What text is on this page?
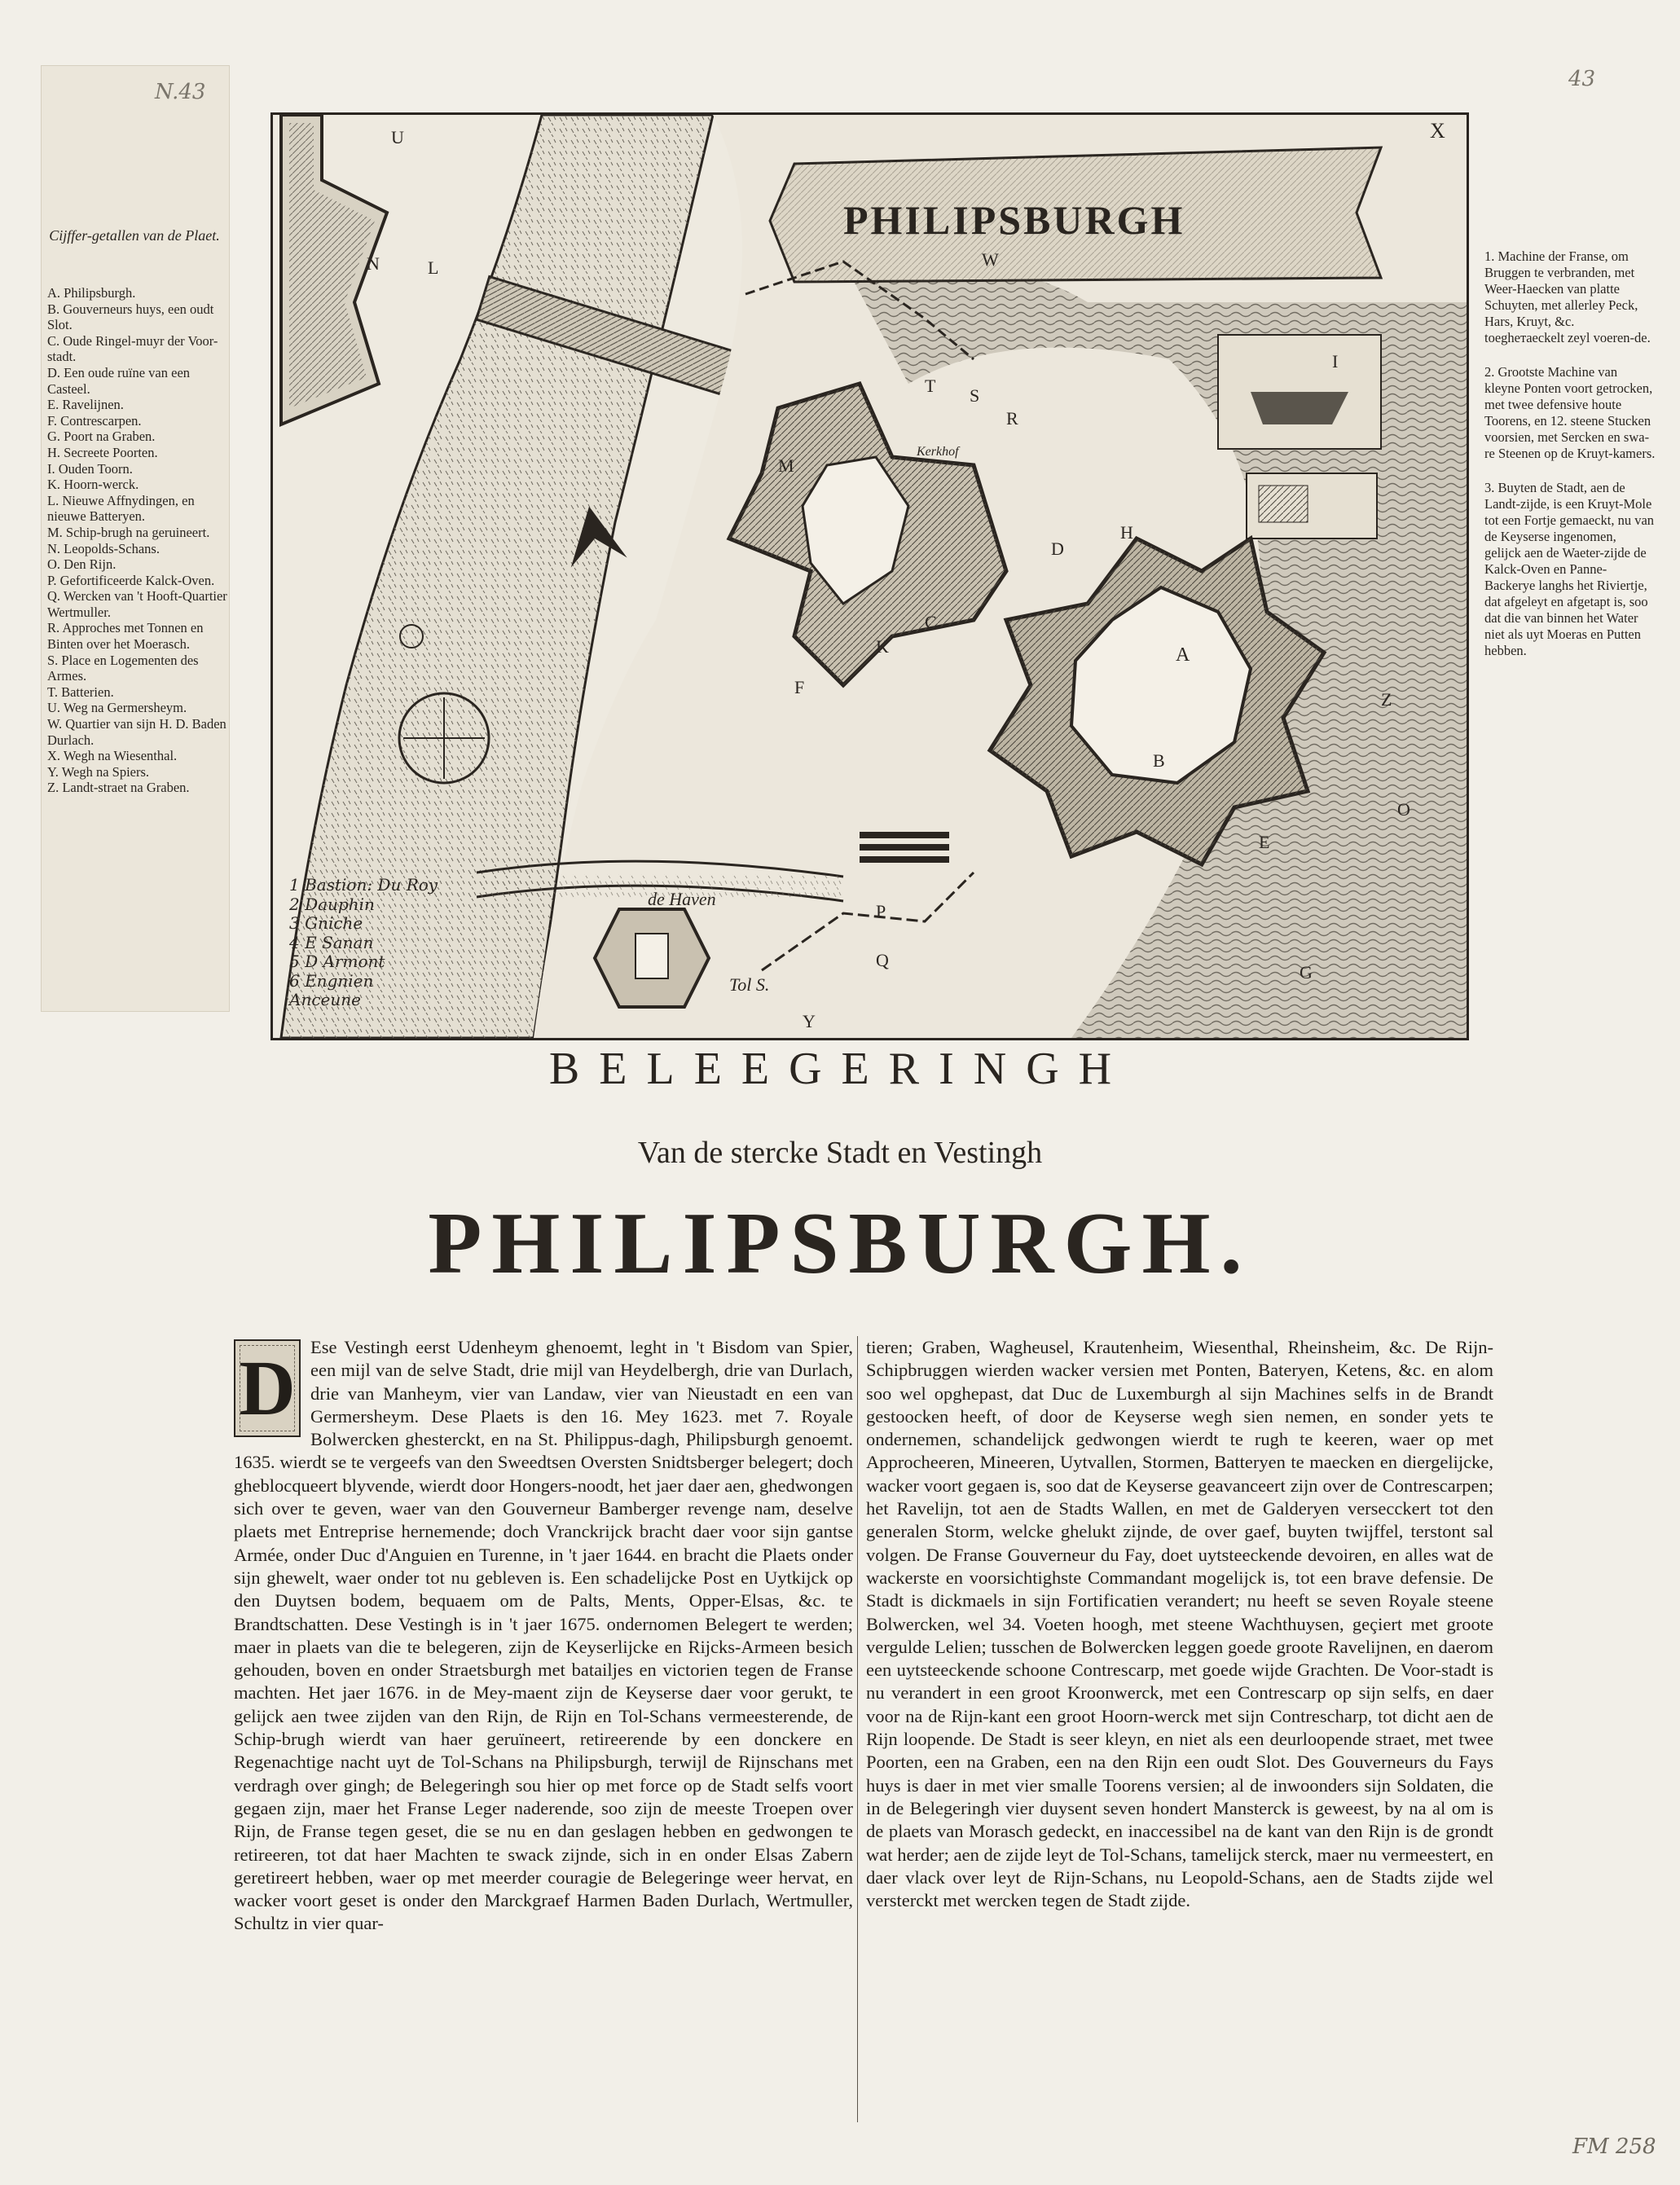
N.43
43
Cijffer-getallen van de Plaet.
A. Philipsburgh.
B. Gouverneurs huys, een oudt Slot.
C. Oude Ringel-muyr der Voor-stadt.
D. Een oude ruïne van een Casteel.
E. Ravelijnen.
F. Contrescarpen.
G. Poort na Graben.
H. Secreete Poorten.
I. Ouden Toorn.
K. Hoorn-werck.
L. Nieuwe Affnydingen, en nieuwe Batteryen.
M. Schip-brugh na geruineert.
N. Leopolds-Schans.
O. Den Rijn.
P. Gefortificeerde Kalck-Oven.
Q. Wercken van 't Hooft-Quartier Wertmuller.
R. Approches met Tonnen en Binten over het Moerasch.
S. Place en Logementen des Armes.
T. Batterien.
U. Weg na Germersheym.
W. Quartier van sijn H. D. Baden Durlach.
X. Wegh na Wiesenthal.
Y. Wegh na Spiers.
Z. Landt-straet na Graben.

1. Machine der Franse, om Bruggen te verbranden, met Weer-Haecken van platte Schuyten, met allerley Peck, Hars, Kruyt, &c. toegheтaeckelt zeyl voeren-de.

2. Grootste Machine van kleyne Ponten voort getrocken, met twee defensive houte Toorens, en 12. steene Stucken voorsien, met Sercken en swa-re Steenen op de Kruyt-kamers.

3. Buyten de Stadt, aen de Landt-zijde, is een Kruyt-Mole tot een Fortje gemaeckt, nu van de Keyserse ingenomen, gelijck aen de Waeter-zijde de Kalck-Oven en Panne-Backerye langhs het Riviertje, dat afgeleyt en afgetapt is, soo dat die van binnen het Water niet als uyt Moeras en Putten hebben.

PHILIPSBURGH
de Haven
Tol S.
Kerkhof
U
N	L
X
W
T S
M
K
C
E
F
A
B
P
Q
R
Y
Z
I
O
G
H
D
1 Bastion: Du Roy
2 Dauphin
3 Gniche
4 E Sanan
5 D Armont
6 Engnien
Anceune
BELEEGERINGH
Van de stercke Stadt en Vestingh
PHILIPSBURGH.

D Ese Vestingh eerst Udenheym ghenoemt, leght in 't Bisdom van Spier, een mijl van de selve Stadt, drie mijl van Heydelbergh, drie van Durlach, drie van Manheym, vier van Landaw, vier van Nieustadt en een van Germersheym. Dese Plaets is den 16. Mey 1623. met 7. Royale Bolwercken ghesterckt, en na St. Philippus-dagh, Philipsburgh genoemt. 1635. wierdt se te vergeefs van den Sweedtsen Oversten Snidtsberger belegert; doch gheblocqueert blyvende, wierdt door Hongers-noodt, het jaer daer aen, ghedwongen sich over te geven, waer van den Gouverneur Bamberger revenge nam, deselve plaets met Entreprise hernemende; doch Vranckrijck bracht daer voor sijn gantse Armée, onder Duc d'Anguien en Turenne, in 't jaer 1644. en bracht die Plaets onder sijn ghewelt, waer onder tot nu gebleven is. Een schadelijcke Post en Uytkijck op den Duytsen bodem, bequaem om de Palts, Ments, Opper-Elsas, &c. te Brandtschatten. Dese Vestingh is in 't jaer 1675. ondernomen Belegert te werden; maer in plaets van die te belegeren, zijn de Keyserlijcke en Rijcks-Armeen besich gehouden, boven en onder Straetsburgh met batailjes en victorien tegen de Franse machten. Het jaer 1676. in de Mey-maent zijn de Keyserse daer voor gerukt, te gelijck aen twee zijden van den Rijn, de Rijn en Tol-Schans vermeesterende, de Schip-brugh wierdt van haer geruïneert, retireerende by een donckere en Regenachtige nacht uyt de Tol-Schans na Philipsburgh, terwijl de Rijnschans met verdragh over gingh; de Belegeringh sou hier op met force op de Stadt selfs voort gegaen zijn, maer het Franse Leger naderende, soo zijn de meeste Troepen over Rijn, de Franse tegen geset, die se nu en dan geslagen hebben en gedwongen te retireeren, tot dat haer Machten te swack zijnde, sich in en onder Elsas Zabern geretireert hebben, waer op met meerder couragie de Belegeringe weer hervat, en wacker voort geset is onder den Marckgraef Harmen Baden Durlach, Wertmuller, Schultz in vier quar-

tieren; Graben, Wagheusel, Krautenheim, Wiesenthal, Rheinsheim, &c. De Rijn-Schipbruggen wierden wacker versien met Ponten, Bateryen, Ketens, &c. en alom soo wel opghepast, dat Duc de Luxemburgh al sijn Machines selfs in de Brandt gestoocken heeft, of door de Keyserse wegh sien nemen, en sonder yets te ondernemen, schandelijck gedwongen wierdt te rugh te keeren, waer op met Approcheeren, Mineeren, Uytvallen, Stormen, Batteryen te maecken en diergelijcke, wacker voort gegaen is, soo dat de Keyserse geavanceert zijn over de Contrescarpen; het Ravelijn, tot aen de Stadts Wallen, en met de Galderyen versecckert tot den generalen Storm, welcke ghelukt zijnde, de over gaef, buyten twijffel, terstont sal volgen. De Franse Gouverneur du Fay, doet uytsteeckende devoiren, en alles wat de wackerste en voorsichtighste Commandant mogelijck is, tot een brave defensie. De Stadt is dickmaels in sijn Fortificatien verandert; nu heeft se seven Royale steene Bolwercken, wel 34. Voeten hoogh, met steene Wachthuysen, geçiert met groote vergulde Lelien; tusschen de Bolwercken leggen goede groote Ravelijnen, en daerom een uytsteeckende schoone Contrescarp, met goede wijde Grachten. De Voor-stadt is nu verandert in een groot Kroonwerck, met een Contrescarp op sijn selfs, en daer voor na de Rijn-kant een groot Hoorn-werck met sijn Contrescharp, tot dicht aen de Rijn loopende. De Stadt is seer kleyn, en niet als een deurloopende straet, met twee Poorten, een na Graben, een na den Rijn een oudt Slot. Des Gouverneurs du Fays huys is daer in met vier smalle Toorens versien; al de inwoonders sijn Soldaten, die in de Belegeringh vier duysent seven hondert Mansterck is geweest, by na al om is de plaets van Morasch gedeckt, en inaccessibel na de kant van den Rijn is de grondt wat herder; aen de zijde leyt de Tol-Schans, tamelijck sterck, maer nu vermeestert, en daer vlack over leyt de Rijn-Schans, nu Leopold-Schans, aen de Stadts zijde wel versterckt met wercken tegen de Stadt zijde.

FM 258
